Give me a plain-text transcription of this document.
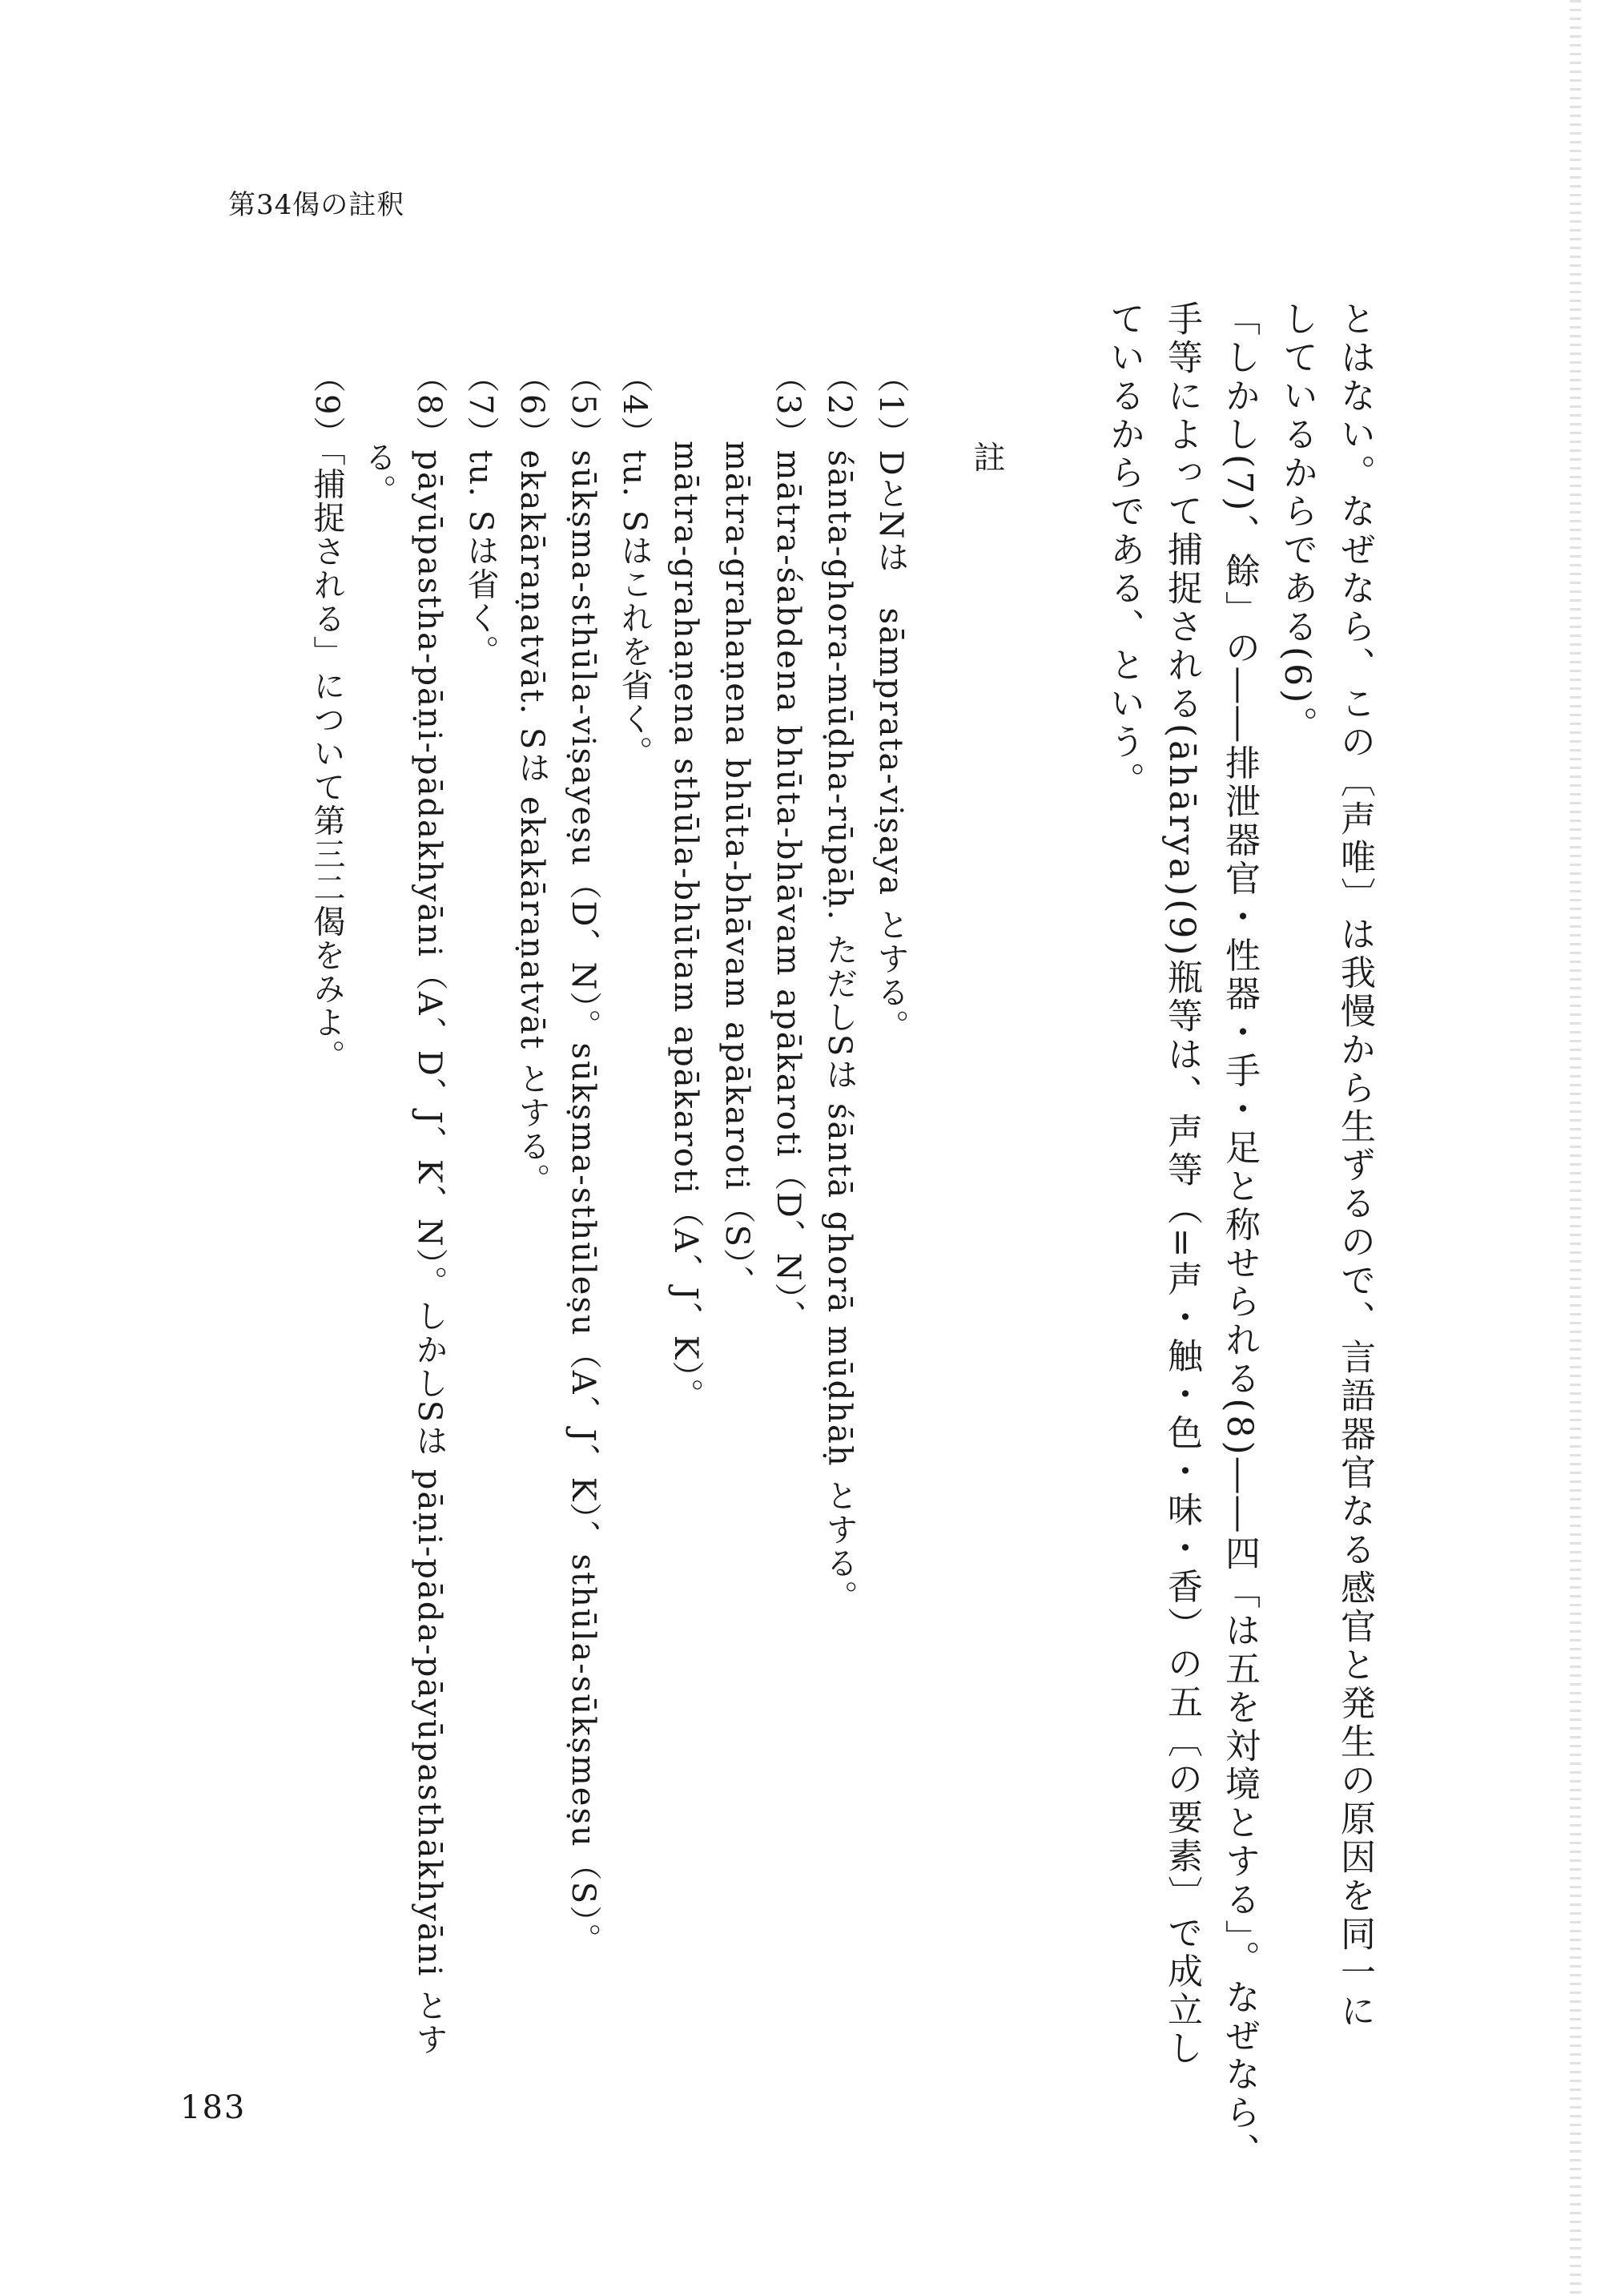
第34偈の註釈
とはない。なぜなら、この〔声唯〕は我慢から生ずるので、言語器官なる感官と発生の原因を同一に
しているからである(6)。
「しかし(7)、餘」の――排泄器官・性器・手・足と称せられる(8)――四「は五を対境とする」。なぜなら、
手等によって捕捉される(āhārya)(9)瓶等は、声等（=声・触・色・味・香）の五〔の要素〕で成立し
ているからである、という。
註
（1）DとNは　sāmprata-viṣaya とする。
（2）śānta-ghora-mūḍha-rūpāḥ. ただしSは śāntā ghorā mūḍhāḥ とする。
（3）mātra-śabdena bhūta-bhāvam apākaroti（D、N）、
mātra-grahaṇena bhūta-bhāvam apākaroti（S）、
mātra-grahaṇena sthūla-bhūtam apākaroti（A、J、K）。
（4）tu. Sはこれを省く。
（5）sūkṣma-sthūla-viṣayeṣu（D、N）。sūkṣma-sthūleṣu（A、J、K）、sthūla-sūkṣmeṣu（S）。
（6）ekakāraṇatvāt. Sは ekakāraṇatvāt とする。
（7）tu. Sは省く。
（8）pāyūpastha-pāṇi-pādakhyāni（A、D、J、K、N）。しかしSは pāṇi-pāda-pāyūpasthākhyāni とす
る。
（9）「捕捉される」について第三二偈をみよ。
183
